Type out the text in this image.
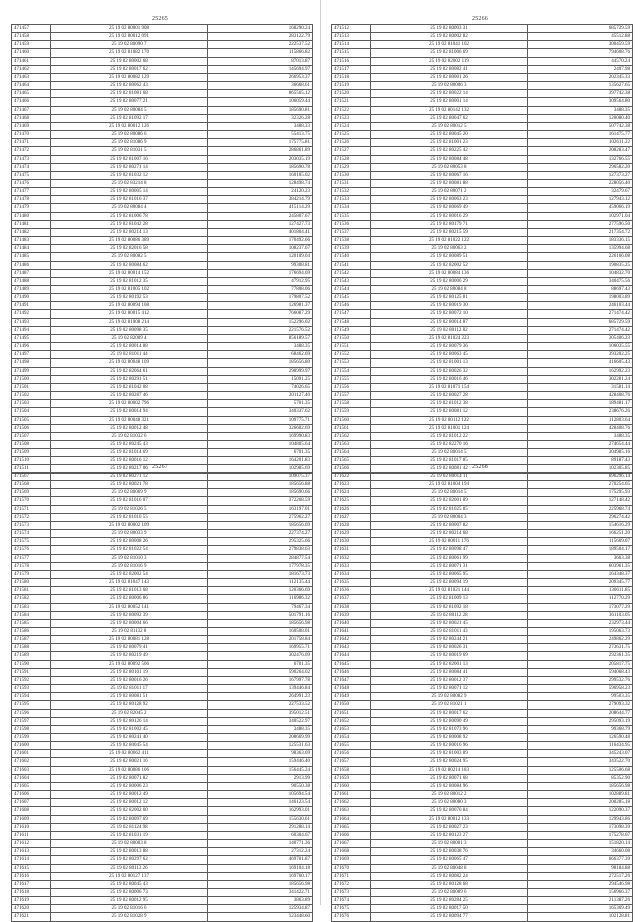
25265
471457	25 19 02 80001 908	168290.24
471458	25 19 02 80012 091	283122.79
471459	25 19 02 80090 7	222537.52
471460	25 19 02 81082 170	115866.82
471461	25 19 02 80002 68	87013.87
471462	25 19 02 80017 62	145694.97
471463	25 19 02 80082 129	266953.37
471464	25 19 02 80062 43	36668.61
471465	25 19 02 81081 68	865565.12
471466	25 19 02 80077 21	106059.44
471467	25 19 02 80084 5	185690.81
471468	25 19 02 81092 17	32326.28
471469	25 19 02 80012 126	3488.33
471470	25 19 02 80086 6	55413.75
471471	25 19 02 81086 9	175775.81
471472	25 19 02 81031 5	286861.89
471473	25 19 02 81007 16	203035.19
471474	25 19 02 80271 14	185690.78
471475	25 19 02 81032 12	160105.02
471476	25 19 02 83214 8	128498.74
471477	25 19 02 80005 14	24120.23
471478	25 19 02 81016 37	384214.79
471479	25 19 02 80084 4	415114.29
471480	25 19 02 81006 78	245807.67
471481	25 19 02 81042 28	127427.73
471482	25 19 02 80214 13	401804.41
471483	25 19 02 80086 389	170492.66
471484	25 19 02 82016 58	108237.67
471485	25 19 02 80082 5	120109.04
471486	25 19 02 80084 62	99308.81
471487	25 19 02 80014 152	176694.69
471488	25 19 02 81012 35	47912.95
471489	25 19 02 81005 102	77808.06
471490	25 19 02 80192 53	179807.52
471491	25 19 02 80094 108	126981.37
471492	25 19 02 80015 412	766087.29
471493	25 19 02 81008 214	152296.02
471494	25 19 02 80098 35	221576.52
471495	25 19 02 82009 4	856189.57
471496	25 19 02 80014 88	3488.35
471497	25 19 02 81011 44	68462.69
471498	25 19 02 80048 109	185656.80
471499	25 19 02 82064 61	298999.97
471500	25 19 02 80291 51	15091.25
471501	25 19 02 81042 08	74026.65
471502	25 19 02 80287 46	201127.40
471503	25 19 02 80002 796	5701.35
471504	25 19 02 80014 94	340337.62
471505	25 19 02 80048 321	109775.71
471506	25 19 02 80012 48	326602.69
471507	25 19 02 81032 6	169990.83
471508	25 19 02 80245 43	104805.64
471509	25 19 02 81014 69	6701.35
471510	25 19 02 80016 12	164201.83
471511	25 19 02 80217 06	102985.69
25267
471567	25 19 02 80271 12	109075.37
471568	25 19 02 80021 78	185656.88
471569	25 19 02 80069 9	185690.66
471570	25 19 02 81016 07	372268.59
471571	25 19 02 81026 5	163197.01
471572	25 19 02 81010 55	275962.27
471573	25 19 02 80002 109	185656.69
471574	25 19 02 80033 9	227374.27
471575	25 19 02 80008 26	295325.66
471576	25 19 02 81022 54	279838.63
471577	25 19 02 81010 3	284877.54
471578	25 19 02 81016 9	177978.35
471579	25 19 02 82002 54	181673.73
471580	25 19 02 81047 143	112135.44
471581	25 19 02 81013 68	120366.69
471582	25 19 02 80006 86	116986.32
471583	25 19 02 80052 141	79467.34
471584	25 19 02 80092 39	501791.16
471585	25 19 02 80004 66	185656.98
471586	25 19 02 81132 8	160508.01
471587	25 19 02 80081 128	201758.84
471588	25 19 02 80079 41	169955.71
471589	25 19 02 80219 49	302476.09
471590	25 19 02 80092 506	6701.35
471591	25 19 02 80101 19	590264.02
471592	25 19 02 80016 26	167997.78
471593	25 19 02 81011 17	139446.84
471594	25 19 02 80081 51	264991.23
471595	25 19 02 80128 92	227533.52
471596	25 19 02 82045 2	395012.51
471597	25 19 02 80126 14	340522.97
471598	25 19 02 81002 45	3488.35
471599	25 19 02 80241 40	208669.99
471600	25 19 02 80045 54	125531.63
471601	25 19 02 80062 411	98363.69
471602	25 19 02 80021 16	159446.40
471603	25 19 02 80086 106	156445.24
471604	25 19 02 80071 82	2913.99
471605	25 19 02 80006 23	90550.38
471606	25 19 02 80012 49	105694.54
471607	25 19 02 80012 12	146123.54
471608	25 19 02 82002 60	162993.01
471609	25 19 02 80097 69	155630.61
471610	25 19 02 81124 98	291288.14
471611	25 19 02 81031 19	60304.67
471612	25 19 02 80003 8	140771.36
471613	25 19 02 80013 88	27312.24
471614	25 19 02 80297 62	469701.87
471615	25 19 02 80113 26	169104.18
471616	25 19 02 80127 137	169760.17
471617	25 19 02 80045 43	185656.98
471618	25 19 02 80006 73	341422.71
471619	25 19 02 80012 95	3863.89
471620	25 19 02 81016 6	125934.87
471621	25 19 02 81028 9	123448.60
25266
471512	25 19 02 80003 31	685729.59
471513	25 19 02 80002 82	45512.88
471514	25 19 02 81041 102	300459.59
471515	25 19 02 81006 69	794608.76
471516	25 19 02 82002 119	44570.24
471517	25 19 02 80082 41	2407.98
471518	25 19 02 80001 26	202345.33
471519	25 19 02 80006 3	135627.65
471520	25 19 02 80022 14	397742.38
471521	25 19 02 80001 14	309564.80
471522	25 19 02 80142 132	3488.35
471523	25 19 02 80047 62	120080.40
471524	25 19 02 80012 5	507742.38
471525	25 19 02 80045 20	161475.77
471526	25 19 02 81001 23	102611.22
471527	25 19 02 80225 42	208283.47
471528	25 19 02 80084 48	132766.55
471529	25 19 02 80053 8	296582.20
471530	25 19 02 80067 16	127373.27
471531	25 19 02 80081 88	228056.40
471532	25 19 02 80071 2	32479.67
471533	25 19 02 80063 23	127943.12
471534	25 19 02 80069 49	459066.19
471535	25 19 02 80016 29	102971.04
471536	25 19 02 80179 71	277596.50
471537	25 19 02 80215 59	217354.72
471538	25 19 02 81022 122	183336.15
471539	25 19 02 80063 2	135994.68
471540	25 19 02 80089 51	226166.08
471541	25 19 02 82002 52	190835.25
471542	25 19 02 80084 136	104832.70
471543	25 19 02 80006 29	340475.56
471544	25 19 02 80084 8	88697.43
471545	25 19 02 80125 81	198003.89
471546	25 19 02 80019 30	246103.44
471547	25 19 02 80072 10	271474.42
471548	25 19 02 80014 87	685729.59
471549	25 19 02 80112 82	271474.42
471550	25 19 02 81024 223	305406.23
471551	25 19 02 80079 36	106035.55
471552	25 19 02 80063 45	393202.25
471553	25 19 02 81001 13	416605.43
471554	25 19 02 80026 32	162992.23
471555	25 19 02 80016 46	302281.24
471556	25 19 02 81071 154	31581.14
471557	25 19 02 80027 28	428408.76
471558	25 19 02 81012 38	189481.17
471559	25 19 02 80081 12	238676.26
471560	25 19 02 80112 122	112803.64
471561	25 19 02 81001 124	428408.76
471562	25 19 02 81012 22	3488.35
471563	25 19 02 82270 16	274654.44
471564	25 19 02 80014 5	304985.16
471565	25 19 02 81017 85	89187.43
471566	25 19 02 80081 42	102305.85
25268
471622	25 19 02 80014 11	696296.14
471623	25 19 02 81004 194	270254.05
471624	25 19 02 80014 5	175295.93
471625	25 19 02 82001 89	127148.42
471626	25 19 02 81025 85	225968.74
471627	25 19 02 80004 3	296274.42
471628	25 19 02 80007 82	154616.29
471629	25 19 02 80214 68	166251.20
471630	25 19 02 80011 176	115669.07
471631	25 19 02 80098 47	189504.17
471632	25 19 02 80061 99	3663.38
471633	25 19 02 80071 31	603961.35
471634	25 19 02 80065 95	164348.37
471635	25 19 02 80094 19	209345.77
471636	25 19 02 81021 144	130611.85
471637	25 19 02 81009 13	112770.29
471638	25 19 02 81092 18	173077.29
471639	25 19 02 80112 28	361103.05
471640	25 19 02 80021 45	232973.44
471641	25 19 02 81011 43	195063.73
471642	25 19 02 80244 21	249862.29
471643	25 19 02 80026 31	273631.75
471644	25 19 02 80019 69	292361.35
471645	25 19 02 82001 13	205817.75
471646	25 19 02 80084 41	594068.43
471647	25 19 02 80012 37	299532.76
471648	25 19 02 80071 12	596958.23
471649	25 19 02 80082 9	99503.35
471650	25 19 02 81021 1	279093.32
471651	25 19 02 80017 62	208644.77
471652	25 19 02 80090 49	295093.19
471653	25 19 02 81073 96	99368.79
471654	25 19 02 80008 92	126590.48
471655	25 19 02 80016 96	116434.95
471656	25 19 02 81003 89	345243.07
471657	25 19 02 80024 95	343522.70
471658	25 19 02 80214 183	125506.68
471659	25 19 02 80071 68	85352.90
471660	25 19 02 80084 96	185656.98
471661	25 19 02 80012 2	102889.81
471662	25 19 02 80080 3	200285.18
471663	25 19 02 80070 84	122090.37
471664	25 19 02 80012 133	129943.86
471665	25 19 02 80027 23	173098.39
471666	25 19 02 80123 27	175278.07
471667	25 19 02 80001 3	151820.14
471668	25 19 02 80038 76	34660.08
471669	25 19 02 80065 47	666377.39
471670	25 19 02 80048 8	98184.88
471671	25 19 02 80082 24	272517.26
471672	25 19 02 80128 68	294546.98
471673	25 19 02 80089 6	156966.37
471674	25 19 02 80284 25	211387.26
471675	25 19 02 80017 50	165369.49
471676	25 19 02 80094 77	102128.81
